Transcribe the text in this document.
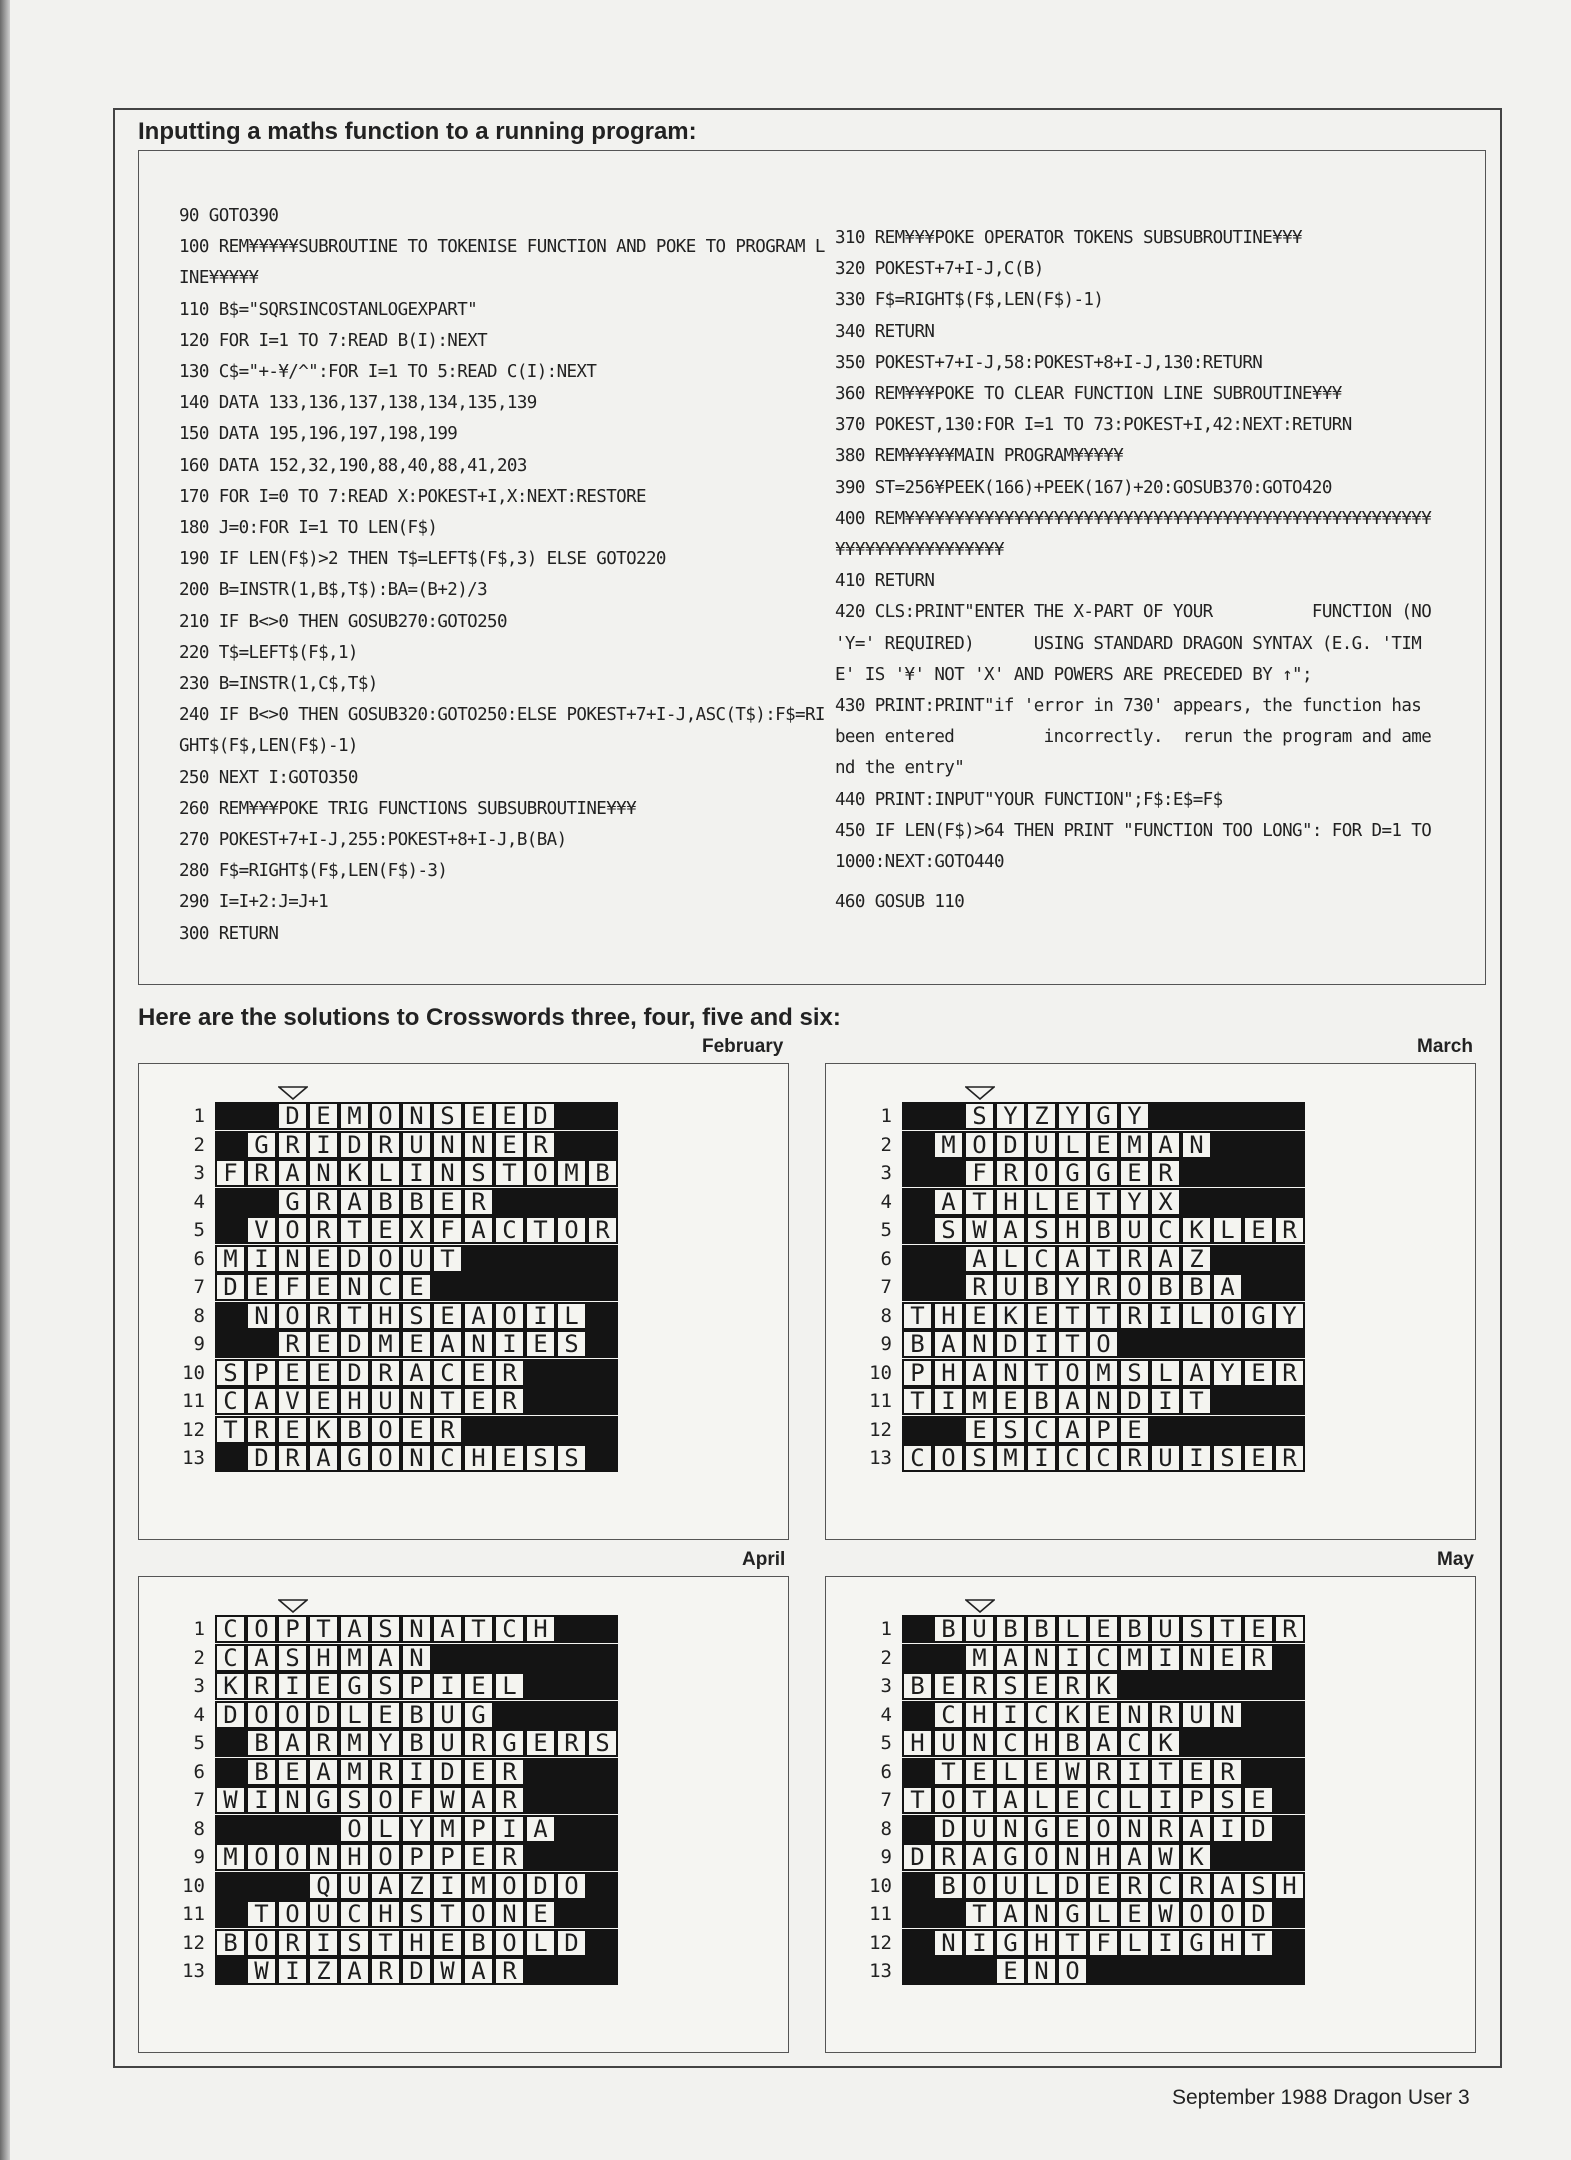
Inputting a maths function to a running program:
90 GOTO390
100 REM¥¥¥¥¥SUBROUTINE TO TOKENISE FUNCTION AND POKE TO PROGRAM LINE¥¥¥¥¥
110 B$="SQRSINCOSTANLOGEXPART"
120 FOR I=1 TO 7:READ B(I):NEXT
130 C$="+-¥/^":FOR I=1 TO 5:READ C(I):NEXT
140 DATA 133,136,137,138,134,135,139
150 DATA 195,196,197,198,199
160 DATA 152,32,190,88,40,88,41,203
170 FOR I=0 TO 7:READ X:POKEST+I,X:NEXT:RESTORE
180 J=0:FOR I=1 TO LEN(F$)
190 IF LEN(F$)>2 THEN T$=LEFT$(F$,3) ELSE GOTO220
200 B=INSTR(1,B$,T$):BA=(B+2)/3
210 IF B<>0 THEN GOSUB270:GOTO250
220 T$=LEFT$(F$,1)
230 B=INSTR(1,C$,T$)
240 IF B<>0 THEN GOSUB320:GOTO250:ELSE POKEST+7+I-J,ASC(T$):F$=RIGHT$(F$,LEN(F$)-1)
250 NEXT I:GOTO350
260 REM¥¥¥POKE TRIG FUNCTIONS SUBSUBROUTINE¥¥¥
270 POKEST+7+I-J,255:POKEST+8+I-J,B(BA)
280 F$=RIGHT$(F$,LEN(F$)-3)
290 I=I+2:J=J+1
300 RETURN
310 REM¥¥¥POKE OPERATOR TOKENS SUBSUBROUTINE¥¥¥
320 POKEST+7+I-J,C(B)
330 F$=RIGHT$(F$,LEN(F$)-1)
340 RETURN
350 POKEST+7+I-J,58:POKEST+8+I-J,130:RETURN
360 REM¥¥¥POKE TO CLEAR FUNCTION LINE SUBROUTINE¥¥¥
370 POKEST,130:FOR I=1 TO 73:POKEST+I,42:NEXT:RETURN
380 REM¥¥¥¥¥MAIN PROGRAM¥¥¥¥¥
390 ST=256¥PEEK(166)+PEEK(167)+20:GOSUB370:GOTO420
400 REM¥¥¥¥¥¥¥¥¥¥¥¥¥¥¥¥¥¥¥¥¥¥¥¥¥¥¥¥¥¥¥¥¥¥¥¥¥¥¥¥¥¥¥¥¥¥¥¥¥¥¥¥¥¥¥¥¥¥¥¥¥¥¥¥¥¥¥¥¥¥
410 RETURN
420 CLS:PRINT"ENTER THE X-PART OF YOUR          FUNCTION (NO 'Y=' REQUIRED)      USING STANDARD DRAGON SYNTAX (E.G. 'TIME' IS '¥' NOT 'X' AND POWERS ARE PRECEDED BY ↑";
430 PRINT:PRINT"if 'error in 730' appears, the function has been entered         incorrectly.  rerun the program and amend the entry"
440 PRINT:INPUT"YOUR FUNCTION";F$:E$=F$
450 IF LEN(F$)>64 THEN PRINT "FUNCTION TOO LONG": FOR D=1 TO 1000:NEXT:GOTO440
460 GOSUB 110
Here are the solutions to Crosswords three, four, five and six:
February	March
April	May
1	D E M O N S E E D
2	G R I D R U N N E R
3 F R A N K L I N S T O M B
4	G R A B B E R
5	V O R T E X F A C T O R
6 M I N E D O U T
7 D E F E N C E
8	N O R T H S E A O I L
9	R E D M E A N I E S
10 S P E E D R A C E R
11 C A V E H U N T E R
12 T R E K B O E R
13	D R A G O N C H E S S
1	S Y Z Y G Y
2	M O D U L E M A N
3	F R O G G E R
4	A T H L E T Y X
5	S W A S H B U C K L E R
6	A L C A T R A Z
7	R U B Y R O B B A
8 T H E K E T T R I L O G Y
9 B A N D I T O
10 P H A N T O M S L A Y E R
11 T I M E B A N D I T
12	E S C A P E
13 C O S M I C C R U I S E R
1 C O P T A S N A T C H
2 C A S H M A N
3 K R I E G S P I E L
4 D O O D L E B U G
5	B A R M Y B U R G E R S
6	B E A M R I D E R
7 W I N G S O F W A R
8	O L Y M P I A
9 M O O N H O P P E R
10	Q U A Z I M O D O
11	T O U C H S T O N E
12 B O R I S T H E B O L D
13	W I Z A R D W A R
1	B U B B L E B U S T E R
2	M A N I C M I N E R
3 B E R S E R K
4	C H I C K E N R U N
5 H U N C H B A C K
6	T E L E W R I T E R
7 T O T A L E C L I P S E
8	D U N G E O N R A I D
9 D R A G O N H A W K
10	B O U L D E R C R A S H
11	T A N G L E W O O D
12	N I G H T F L I G H T
13	E N O
September 1988 Dragon User 3
